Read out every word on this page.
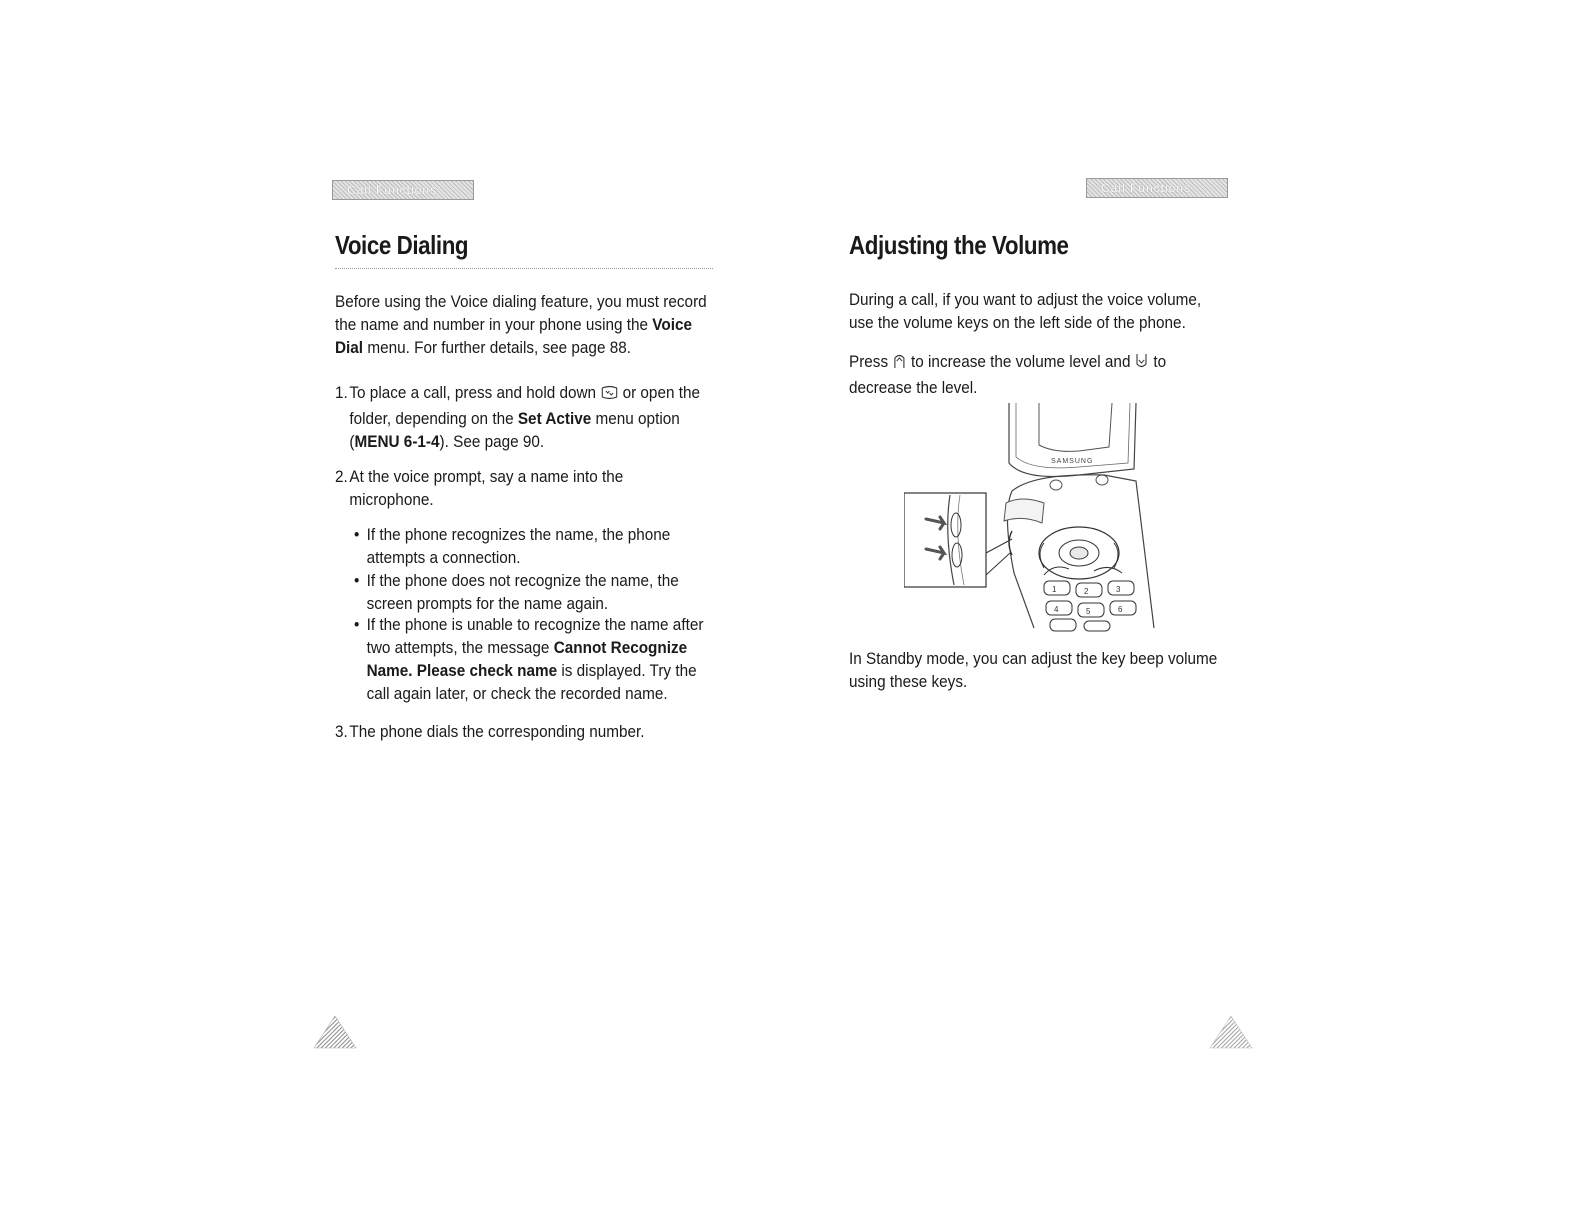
Call Functions
Voice Dialing

Before using the Voice dialing feature, you must record the name and number in your phone using the Voice Dial menu. For further details, see page 88.

1. To place a call, press and hold down  or open the folder, depending on the Set Active menu option (MENU 6-1-4). See page 90.
2. At the voice prompt, say a name into the microphone.
• If the phone recognizes the name, the phone attempts a connection.
• If the phone does not recognize the name, the screen prompts for the name again.
• If the phone is unable to recognize the name after two attempts, the message Cannot Recognize Name. Please check name is displayed. Try the call again later, or check the recorded name.
3. The phone dials the corresponding number.
Call Functions
Adjusting the Volume

During a call, if you want to adjust the voice volume, use the volume keys on the left side of the phone.

Press  to increase the volume level and  to decrease the level.

SAMSUNG
1	2	3
4	5	6

In Standby mode, you can adjust the key beep volume using these keys.
